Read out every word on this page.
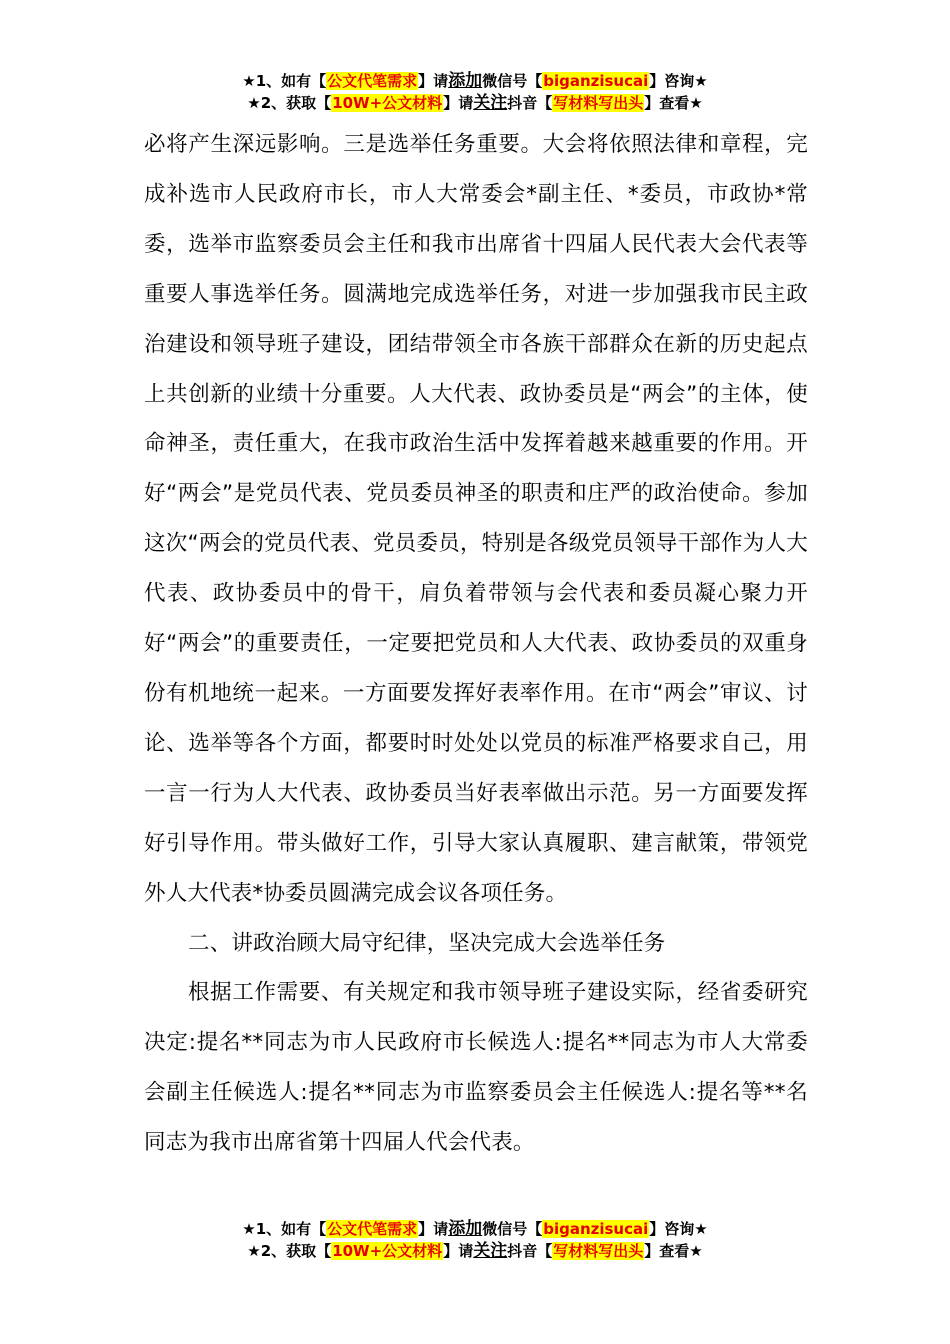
★1、如有【公文代笔需求】请添加微信号【biganzisucai】咨询★
★2、获取【10W+公文材料】请关注抖音【写材料写出头】查看★

必将产生深远影响。三是选举任务重要。大会将依照法律和章程，完成补选市人民政府市长，市人大常委会*副主任、*委员，市政协*常委，选举市监察委员会主任和我市出席省十四届人民代表大会代表等重要人事选举任务。圆满地完成选举任务，对进一步加强我市民主政治建设和领导班子建设，团结带领全市各族干部群众在新的历史起点上共创新的业绩十分重要。人大代表、政协委员是“两会”的主体，使命神圣，责任重大，在我市政治生活中发挥着越来越重要的作用。开好“两会”是党员代表、党员委员神圣的职责和庄严的政治使命。参加这次“两会的党员代表、党员委员，特别是各级党员领导干部作为人大代表、政协委员中的骨干，肩负着带领与会代表和委员凝心聚力开好“两会”的重要责任，一定要把党员和人大代表、政协委员的双重身份有机地统一起来。一方面要发挥好表率作用。在市“两会”审议、讨论、选举等各个方面，都要时时处处以党员的标准严格要求自己，用一言一行为人大代表、政协委员当好表率做出示范。另一方面要发挥好引导作用。带头做好工作，引导大家认真履职、建言献策，带领党外人大代表*协委员圆满完成会议各项任务。

二、讲政治顾大局守纪律，坚决完成大会选举任务

根据工作需要、有关规定和我市领导班子建设实际，经省委研究决定:提名**同志为市人民政府市长候选人:提名**同志为市人大常委会副主任候选人:提名**同志为市监察委员会主任候选人:提名等**名同志为我市出席省第十四届人代会代表。

★1、如有【公文代笔需求】请添加微信号【biganzisucai】咨询★
★2、获取【10W+公文材料】请关注抖音【写材料写出头】查看★
